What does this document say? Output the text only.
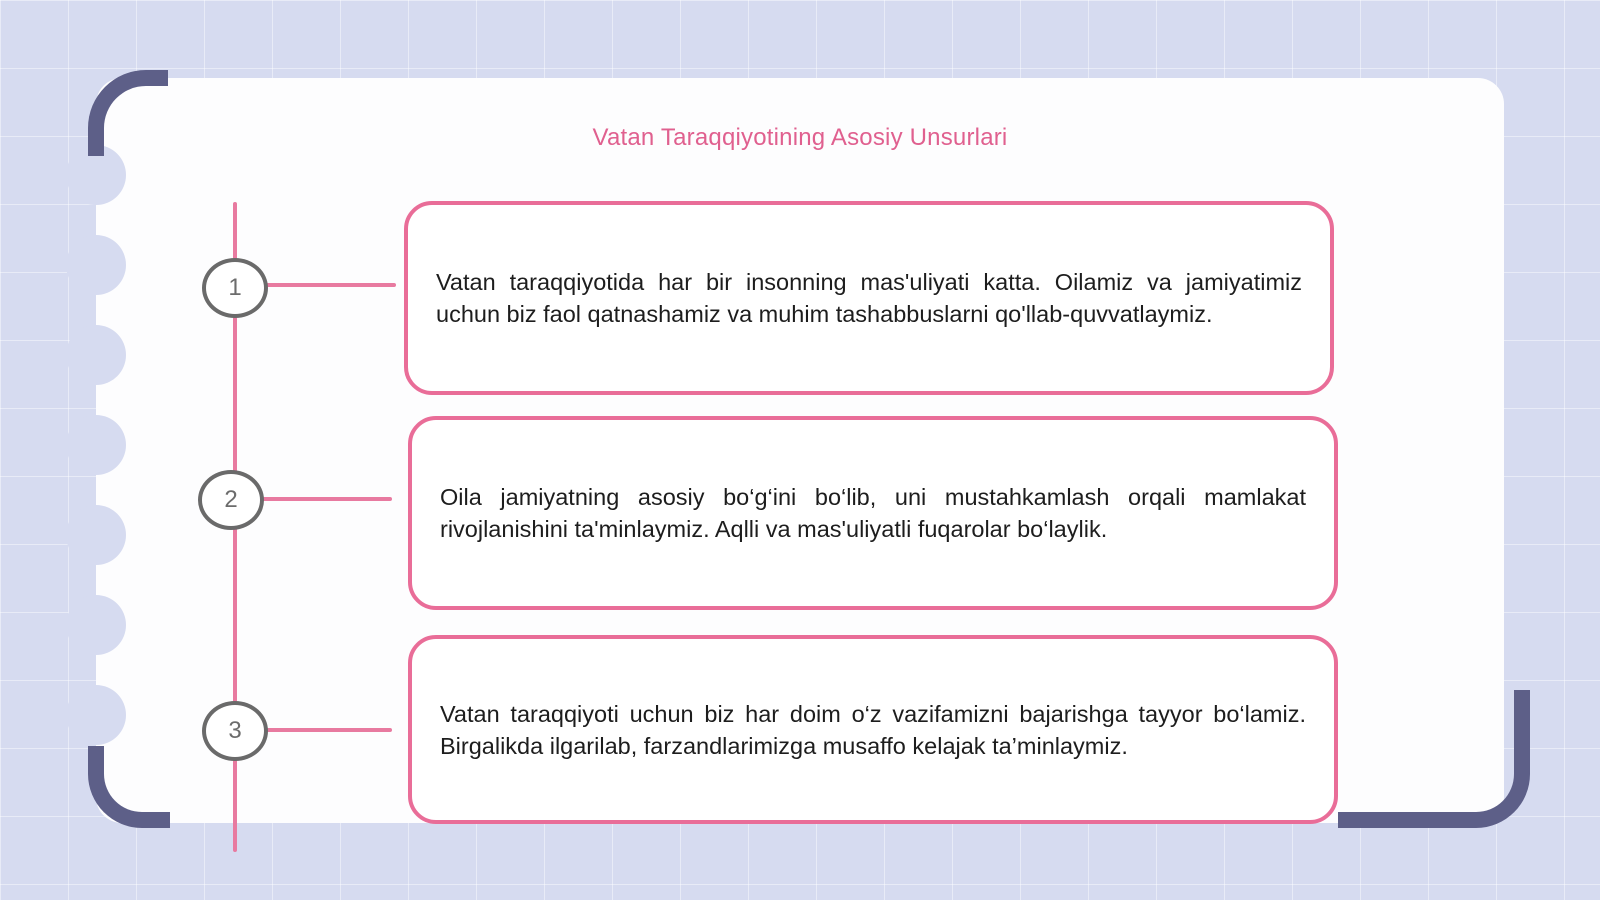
Vatan Taraqqiyotining Asosiy Unsurlari
1
2
3

Vatan taraqqiyotida har bir insonning mas'uliyati katta. Oilamiz va jamiyatimiz uchun biz faol qatnashamiz va muhim tashabbuslarni qo'llab-quvvatlaymiz.

Oila jamiyatning asosiy bo‘g‘ini bo‘lib, uni mustahkamlash orqali mamlakat rivojlanishini ta'minlaymiz. Aqlli va mas'uliyatli fuqarolar bo‘laylik.

Vatan taraqqiyoti uchun biz har doim o‘z vazifamizni bajarishga tayyor bo‘lamiz. Birgalikda ilgarilab, farzandlarimizga musaffo kelajak ta’minlaymiz.
